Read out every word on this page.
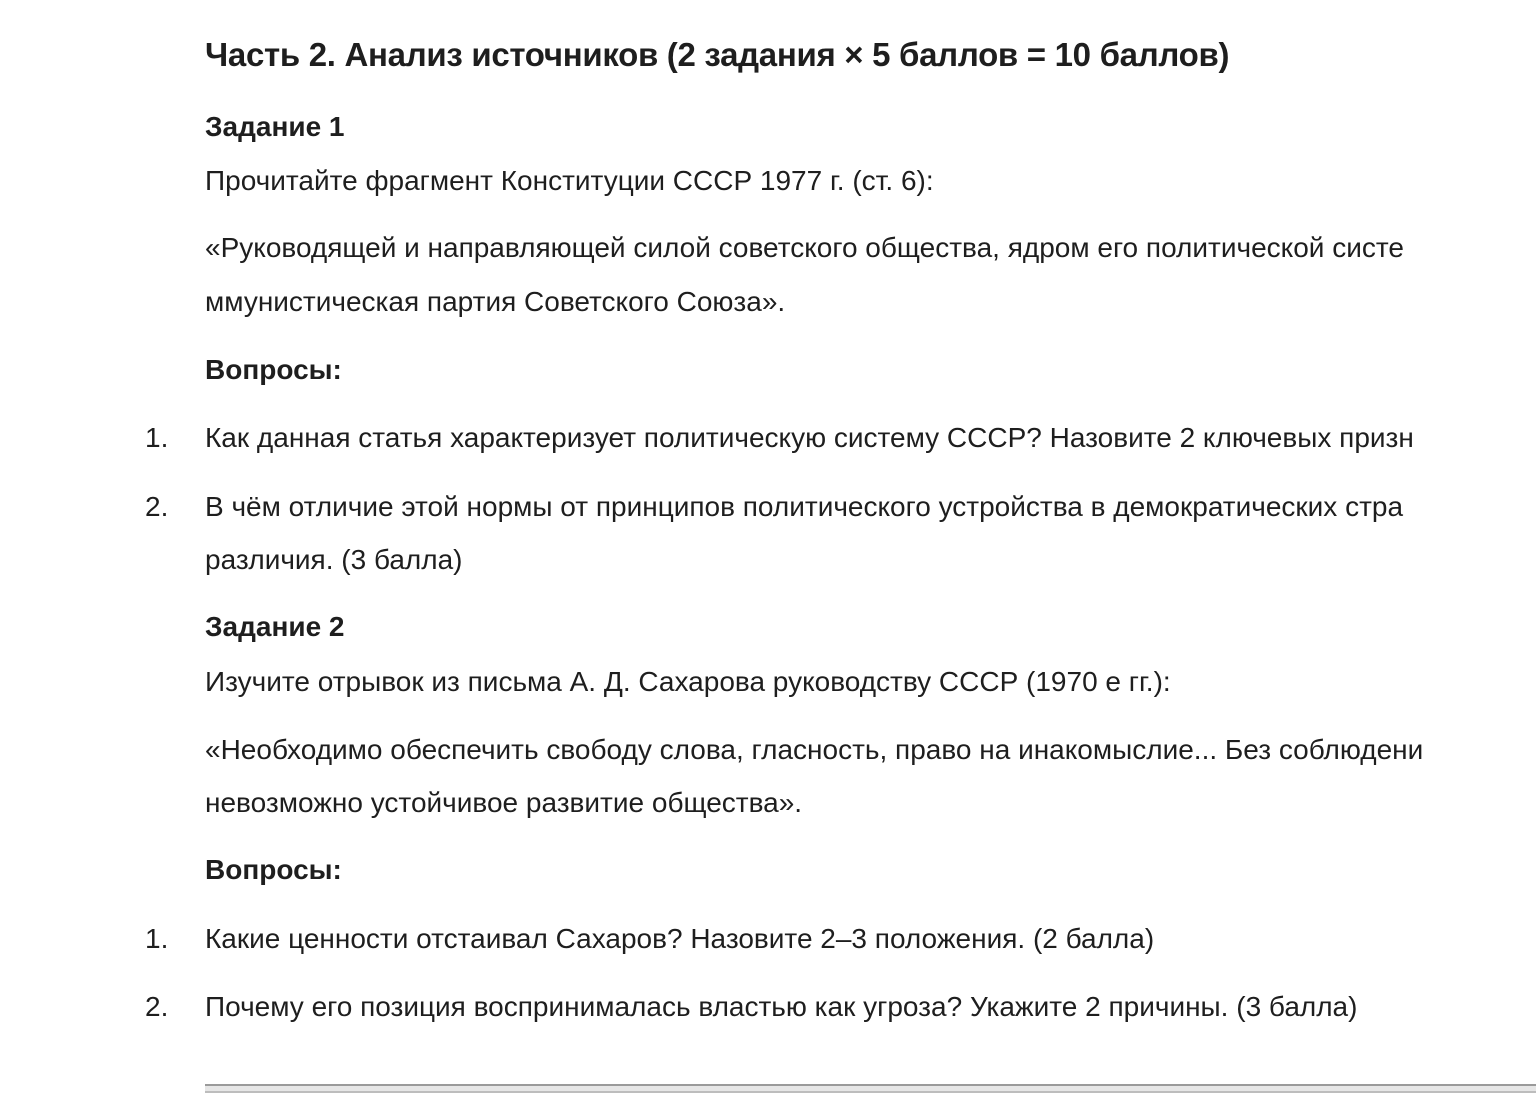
Часть 2. Анализ источников (2 задания × 5 баллов = 10 баллов)
Задание 1
Прочитайте фрагмент Конституции СССР 1977 г. (ст. 6):
«Руководящей и направляющей силой советского общества, ядром его политической систе
ммунистическая партия Советского Союза».
Вопросы:
1. Как данная статья характеризует политическую систему СССР? Назовите 2 ключевых призн
2. В чём отличие этой нормы от принципов политического устройства в демократических стра
различия. (3 балла)
Задание 2
Изучите отрывок из письма А. Д. Сахарова руководству СССР (1970 е гг.):
«Необходимо обеспечить свободу слова, гласность, право на инакомыслие... Без соблюдени
невозможно устойчивое развитие общества».
Вопросы:
1. Какие ценности отстаивал Сахаров? Назовите 2–3 положения. (2 балла)
2. Почему его позиция воспринималась властью как угроза? Укажите 2 причины. (3 балла)
